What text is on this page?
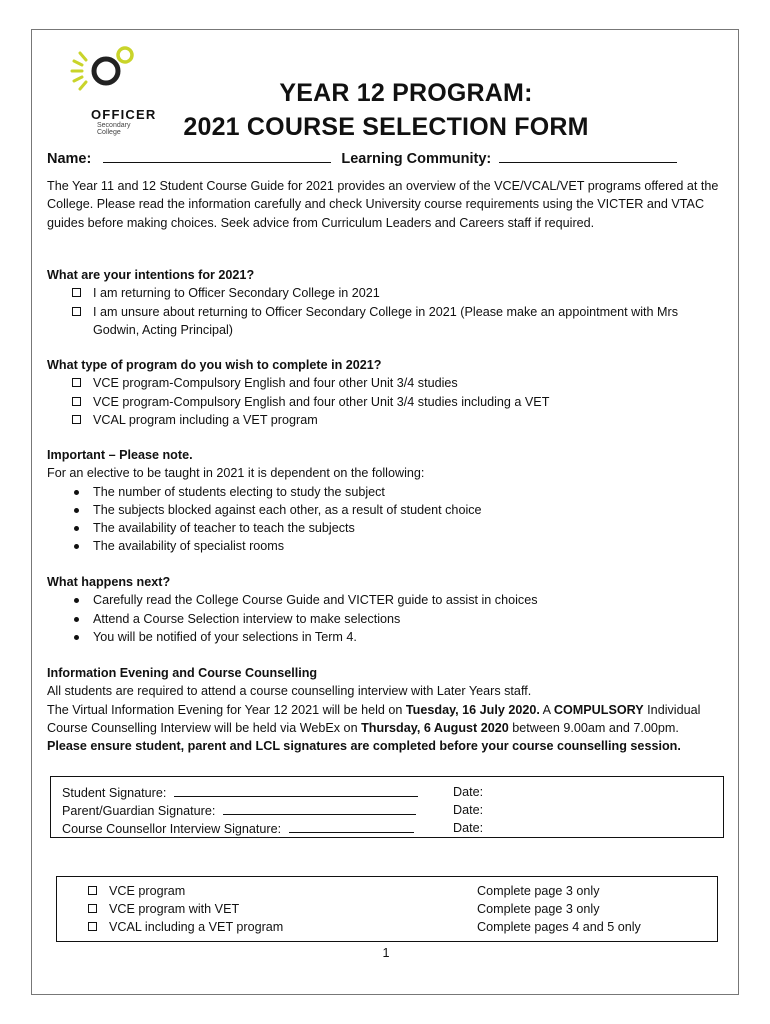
OFFICER
Secondary College
YEAR 12 PROGRAM:
2021 COURSE SELECTION FORM
Name:	Learning Community:
The Year 11 and 12 Student Course Guide for 2021 provides an overview of the VCE/VCAL/VET programs offered at the College. Please read the information carefully and check University course requirements using the VICTER and VTAC guides before making choices. Seek advice from Curriculum Leaders and Careers staff if required.
What are your intentions for 2021?
I am returning to Officer Secondary College in 2021
I am unsure about returning to Officer Secondary College in 2021 (Please make an appointment with Mrs Godwin, Acting Principal)
What type of program do you wish to complete in 2021?
VCE program-Compulsory English and four other Unit 3/4 studies
VCE program-Compulsory English and four other Unit 3/4 studies including a VET
VCAL program including a VET program
Important – Please note.
For an elective to be taught in 2021 it is dependent on the following:
The number of students electing to study the subject
The subjects blocked against each other, as a result of student choice
The availability of teacher to teach the subjects
The availability of specialist rooms
What happens next?
Carefully read the College Course Guide and VICTER guide to assist in choices
Attend a Course Selection interview to make selections
You will be notified of your selections in Term 4.
Information Evening and Course Counselling
All students are required to attend a course counselling interview with Later Years staff.
The Virtual Information Evening for Year 12 2021 will be held on Tuesday, 16 July 2020. A COMPULSORY Individual Course Counselling Interview will be held via WebEx on Thursday, 6 August 2020 between 9.00am and 7.00pm.
Please ensure student, parent and LCL signatures are completed before your course counselling session.
Student Signature:	Date:
Parent/Guardian Signature:	Date:
Course Counsellor Interview Signature:	Date:
VCE program	Complete page 3 only
VCE program with VET	Complete page 3 only
VCAL including a VET program	Complete pages 4 and 5 only
1
